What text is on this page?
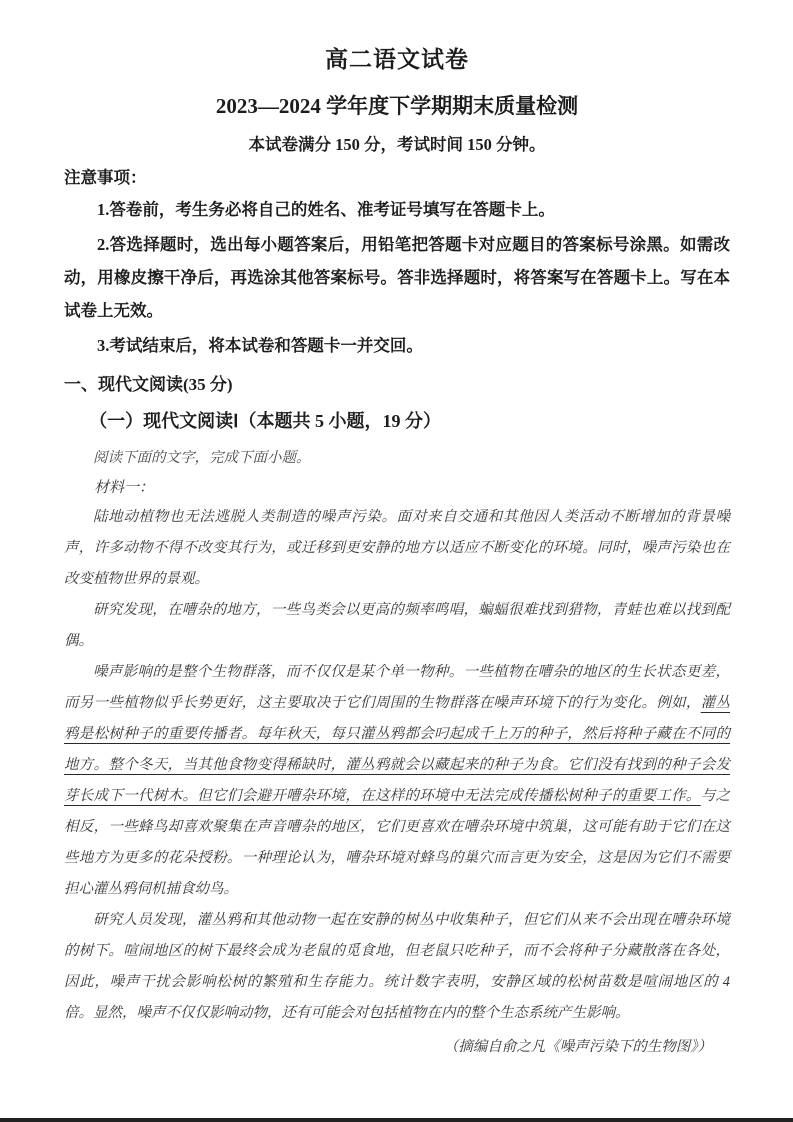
高二语文试卷
2023—2024 学年度下学期期末质量检测
本试卷满分 150 分，考试时间 150 分钟。
注意事项：

1.答卷前，考生务必将自己的姓名、准考证号填写在答题卡上。

2.答选择题时，选出每小题答案后，用铅笔把答题卡对应题目的答案标号涂黑。如需改动，用橡皮擦干净后，再选涂其他答案标号。答非选择题时，将答案写在答题卡上。写在本试卷上无效。

3.考试结束后，将本试卷和答题卡一并交回。

一、现代文阅读(35 分)
（一）现代文阅读Ⅰ（本题共 5 小题，19 分）

阅读下面的文字，完成下面小题。

材料一：

陆地动植物也无法逃脱人类制造的噪声污染。面对来自交通和其他因人类活动不断增加的背景噪声，许多动物不得不改变其行为，或迁移到更安静的地方以适应不断变化的环境。同时，噪声污染也在改变植物世界的景观。

研究发现，在嘈杂的地方，一些鸟类会以更高的频率鸣唱，蝙蝠很难找到猎物，青蛙也难以找到配偶。

噪声影响的是整个生物群落，而不仅仅是某个单一物种。一些植物在嘈杂的地区的生长状态更差，而另一些植物似乎长势更好，这主要取决于它们周围的生物群落在噪声环境下的行为变化。例如，灌丛鸦是松树种子的重要传播者。每年秋天，每只灌丛鸦都会叼起成千上万的种子，然后将种子藏在不同的地方。整个冬天，当其他食物变得稀缺时，灌丛鸦就会以藏起来的种子为食。它们没有找到的种子会发芽长成下一代树木。但它们会避开嘈杂环境，在这样的环境中无法完成传播松树种子的重要工作。与之相反，一些蜂鸟却喜欢聚集在声音嘈杂的地区，它们更喜欢在嘈杂环境中筑巢，这可能有助于它们在这些地方为更多的花朵授粉。一种理论认为，嘈杂环境对蜂鸟的巢穴而言更为安全，这是因为它们不需要担心灌丛鸦伺机捕食幼鸟。

研究人员发现，灌丛鸦和其他动物一起在安静的树丛中收集种子，但它们从来不会出现在嘈杂环境的树下。喧闹地区的树下最终会成为老鼠的觅食地，但老鼠只吃种子，而不会将种子分藏散落在各处，因此，噪声干扰会影响松树的繁殖和生存能力。统计数字表明，安静区域的松树苗数是喧闹地区的 4 倍。显然，噪声不仅仅影响动物，还有可能会对包括植物在内的整个生态系统产生影响。

（摘编自俞之凡《噪声污染下的生物图》）
